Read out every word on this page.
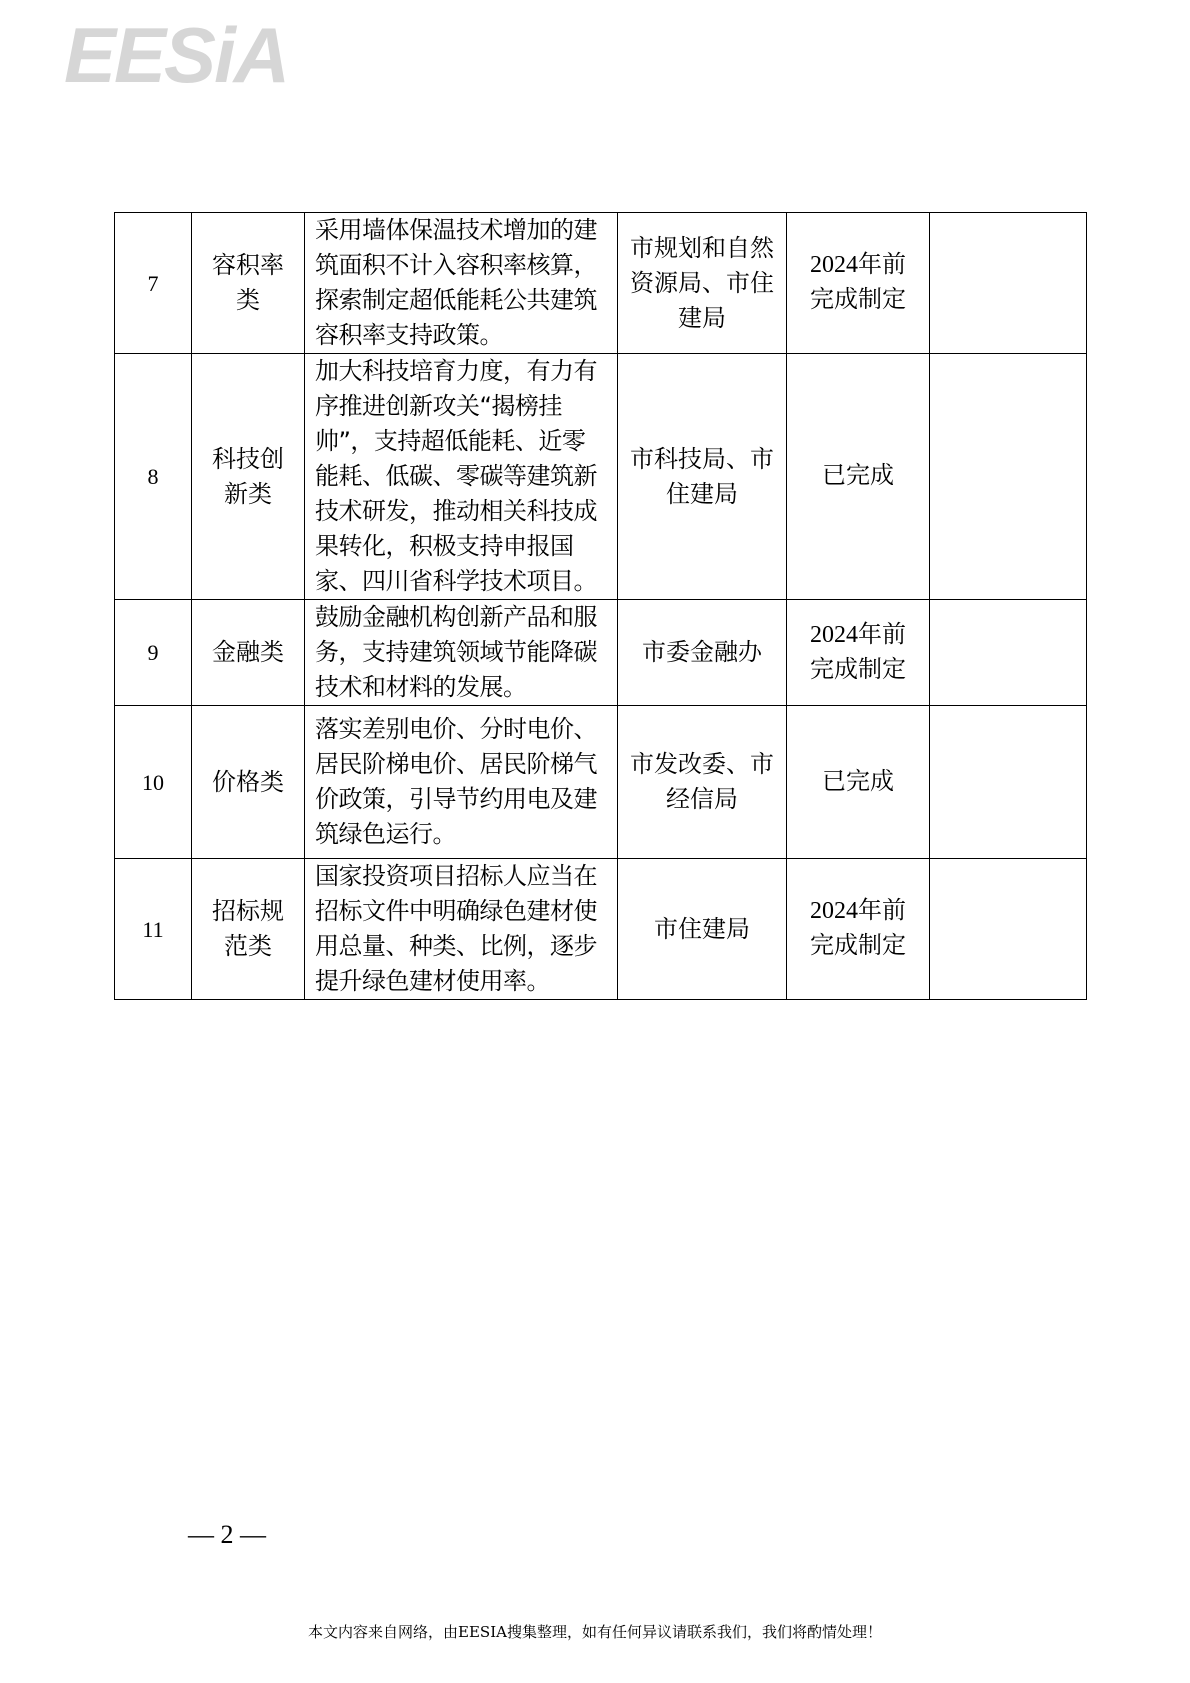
EESiA
7	容积率类	采用墙体保温技术增加的建筑面积不计入容积率核算，探索制定超低能耗公共建筑容积率支持政策。	市规划和自然资源局、市住建局	2024年前完成制定	

8	科技创新类	加大科技培育力度，有力有序推进创新攻关“揭榜挂帅”，支持超低能耗、近零能耗、低碳、零碳等建筑新技术研发，推动相关科技成果转化，积极支持申报国家、四川省科学技术项目。	市科技局、市住建局	已完成	

9	金融类	鼓励金融机构创新产品和服务，支持建筑领域节能降碳技术和材料的发展。	市委金融办	2024年前完成制定	

10	价格类	落实差别电价、分时电价、居民阶梯电价、居民阶梯气价政策，引导节约用电及建筑绿色运行。	市发改委、市经信局	已完成	

11	招标规范类	国家投资项目招标人应当在招标文件中明确绿色建材使用总量、种类、比例，逐步提升绿色建材使用率。	市住建局	2024年前完成制定	

— 2 —
本文内容来自网络，由EESIA搜集整理，如有任何异议请联系我们，我们将酌情处理！
